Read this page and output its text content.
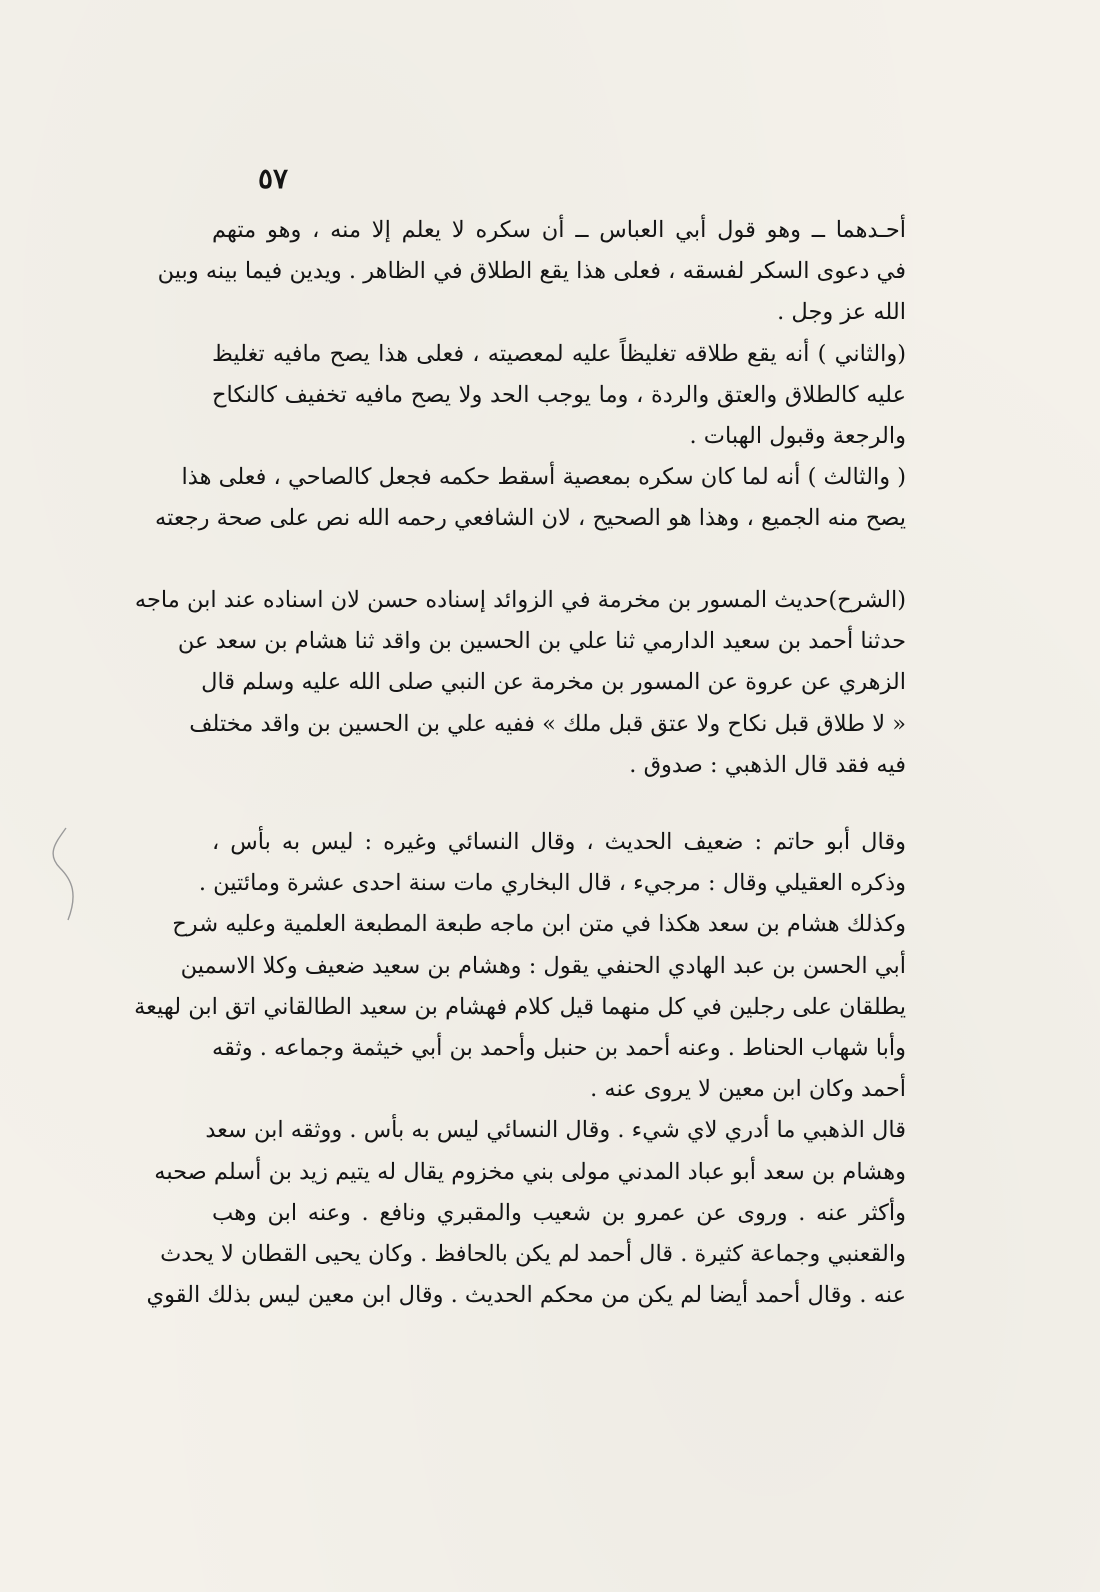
٥٧
أحـدهما ــ وهو قول أبي العباس ــ أن سكره لا يعلم إلا منه ، وهو متهم
في دعوى السكر لفسقه ، فعلى هذا يقع الطلاق في الظاهر . ويدين فيما بينه وبين
الله عز وجل .
(والثاني ) أنه يقع طلاقه تغليظاً عليه لمعصيته ، فعلى هذا يصح مافيه تغليظ
عليه كالطلاق والعتق والردة ، وما يوجب الحد ولا يصح مافيه تخفيف كالنكاح
والرجعة وقبول الهبات .
( والثالث ) أنه لما كان سكره بمعصية أسقط حكمه فجعل كالصاحي ، فعلى هذا
يصح منه الجميع ، وهذا هو الصحيح ، لان الشافعي رحمه الله نص على صحة رجعته
(الشرح)حديث المسور بن مخرمة في الزوائد إسناده حسن لان اسناده عند ابن ماجه
حدثنا أحمد بن سعيد الدارمي ثنا علي بن الحسين بن واقد ثنا هشام بن سعد عن
الزهري عن عروة عن المسور بن مخرمة عن النبي صلى الله عليه وسلم قال
« لا طلاق قبل نكاح ولا عتق قبل ملك » ففيه علي بن الحسين بن واقد مختلف
فيه فقد قال الذهبي : صدوق .
وقال أبو حاتم : ضعيف الحديث ، وقال النسائي وغيره : ليس به بأس ،
وذكره العقيلي وقال : مرجيء ، قال البخاري مات سنة احدى عشرة ومائتين .
وكذلك هشام بن سعد هكذا في متن ابن ماجه طبعة المطبعة العلمية وعليه شرح
أبي الحسن بن عبد الهادي الحنفي يقول : وهشام بن سعيد ضعيف وكلا الاسمين
يطلقان على رجلين في كل منهما قيل كلام فهشام بن سعيد الطالقاني اتق ابن لهيعة
وأبا شهاب الحناط . وعنه أحمد بن حنبل وأحمد بن أبي خيثمة وجماعه . وثقه
أحمد وكان ابن معين لا يروى عنه .
قال الذهبي ما أدري لاي شيء . وقال النسائي ليس به بأس . ووثقه ابن سعد
وهشام بن سعد أبو عباد المدني مولى بني مخزوم يقال له يتيم زيد بن أسلم صحبه
وأكثر عنه . وروى عن عمرو بن شعيب والمقبري ونافع . وعنه ابن وهب
والقعنبي وجماعة كثيرة . قال أحمد لم يكن بالحافظ . وكان يحيى القطان لا يحدث
عنه . وقال أحمد أيضا لم يكن من محكم الحديث . وقال ابن معين ليس بذلك القوي
